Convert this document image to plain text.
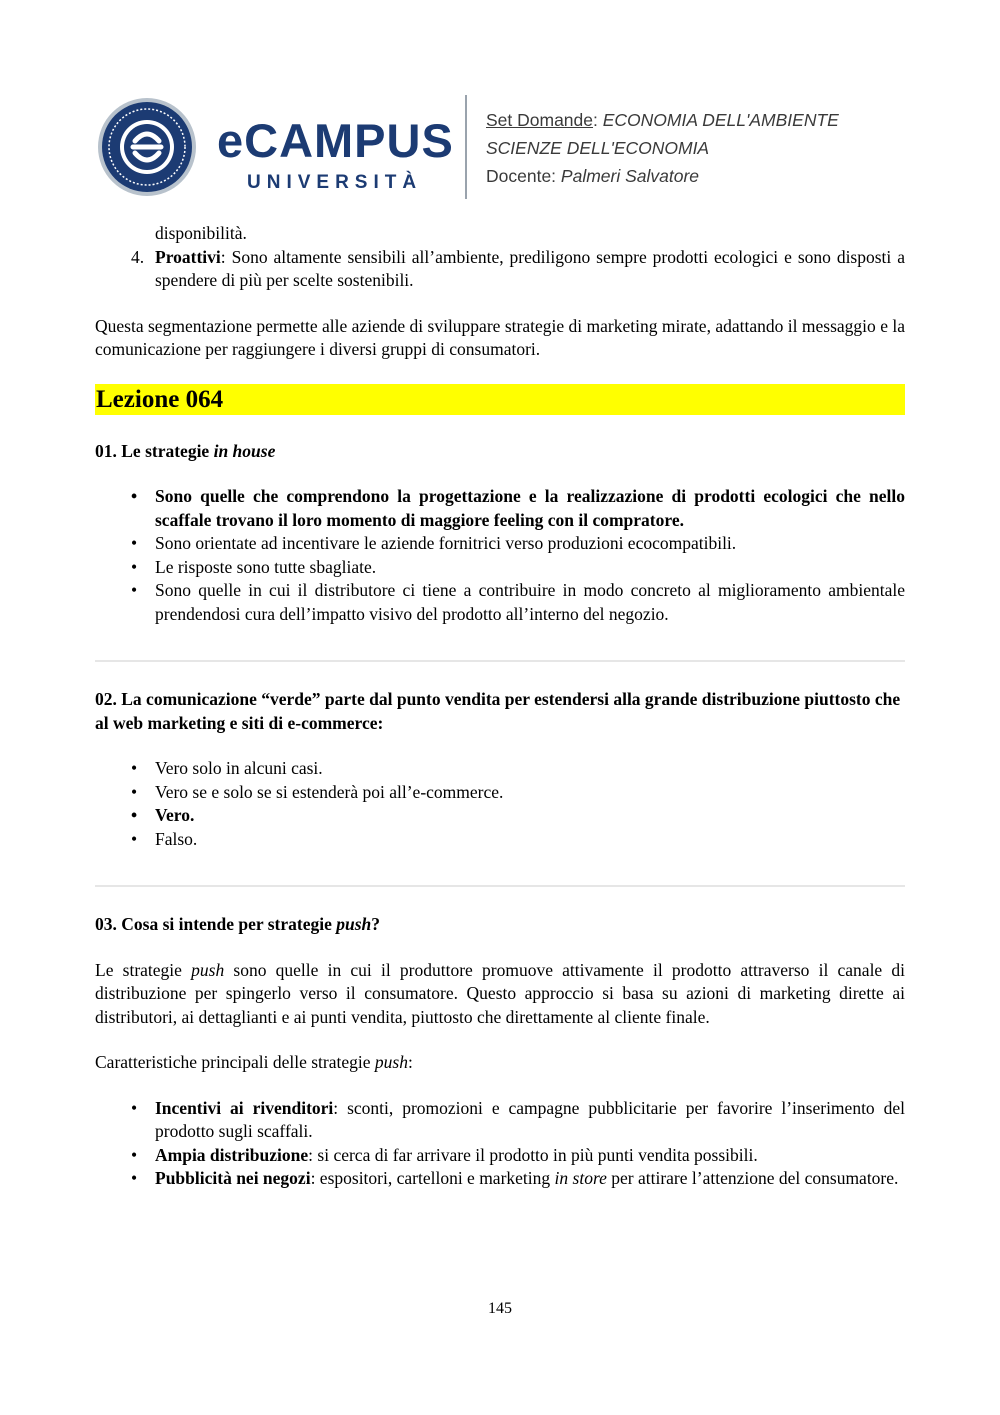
eCAMPUS
UNIVERSITÀ
Set Domande: ECONOMIA DELL'AMBIENTE
SCIENZE DELL'ECONOMIA
Docente: Palmeri Salvatore

disponibilità.

4. Proattivi: Sono altamente sensibili all’ambiente, prediligono sempre prodotti ecologici e sono disposti a spendere di più per scelte sostenibili.

Questa segmentazione permette alle aziende di sviluppare strategie di marketing mirate, adattando il messaggio e la comunicazione per raggiungere i diversi gruppi di consumatori.

Lezione 064

01. Le strategie in house

• Sono quelle che comprendono la progettazione e la realizzazione di prodotti ecologici che nello scaffale trovano il loro momento di maggiore feeling con il compratore.
• Sono orientate ad incentivare le aziende fornitrici verso produzioni ecocompatibili.
• Le risposte sono tutte sbagliate.
• Sono quelle in cui il distributore ci tiene a contribuire in modo concreto al miglioramento ambientale prendendosi cura dell’impatto visivo del prodotto all’interno del negozio.

02. La comunicazione “verde” parte dal punto vendita per estendersi alla grande distribuzione piuttosto che al web marketing e siti di e-commerce:

• Vero solo in alcuni casi.
• Vero se e solo se si estenderà poi all’e-commerce.
• Vero.
• Falso.

03. Cosa si intende per strategie push?

Le strategie push sono quelle in cui il produttore promuove attivamente il prodotto attraverso il canale di distribuzione per spingerlo verso il consumatore. Questo approccio si basa su azioni di marketing dirette ai distributori, ai dettaglianti e ai punti vendita, piuttosto che direttamente al cliente finale.

Caratteristiche principali delle strategie push:

• Incentivi ai rivenditori: sconti, promozioni e campagne pubblicitarie per favorire l’inserimento del prodotto sugli scaffali.
• Ampia distribuzione: si cerca di far arrivare il prodotto in più punti vendita possibili.
• Pubblicità nei negozi: espositori, cartelloni e marketing in store per attirare l’attenzione del consumatore.
145
